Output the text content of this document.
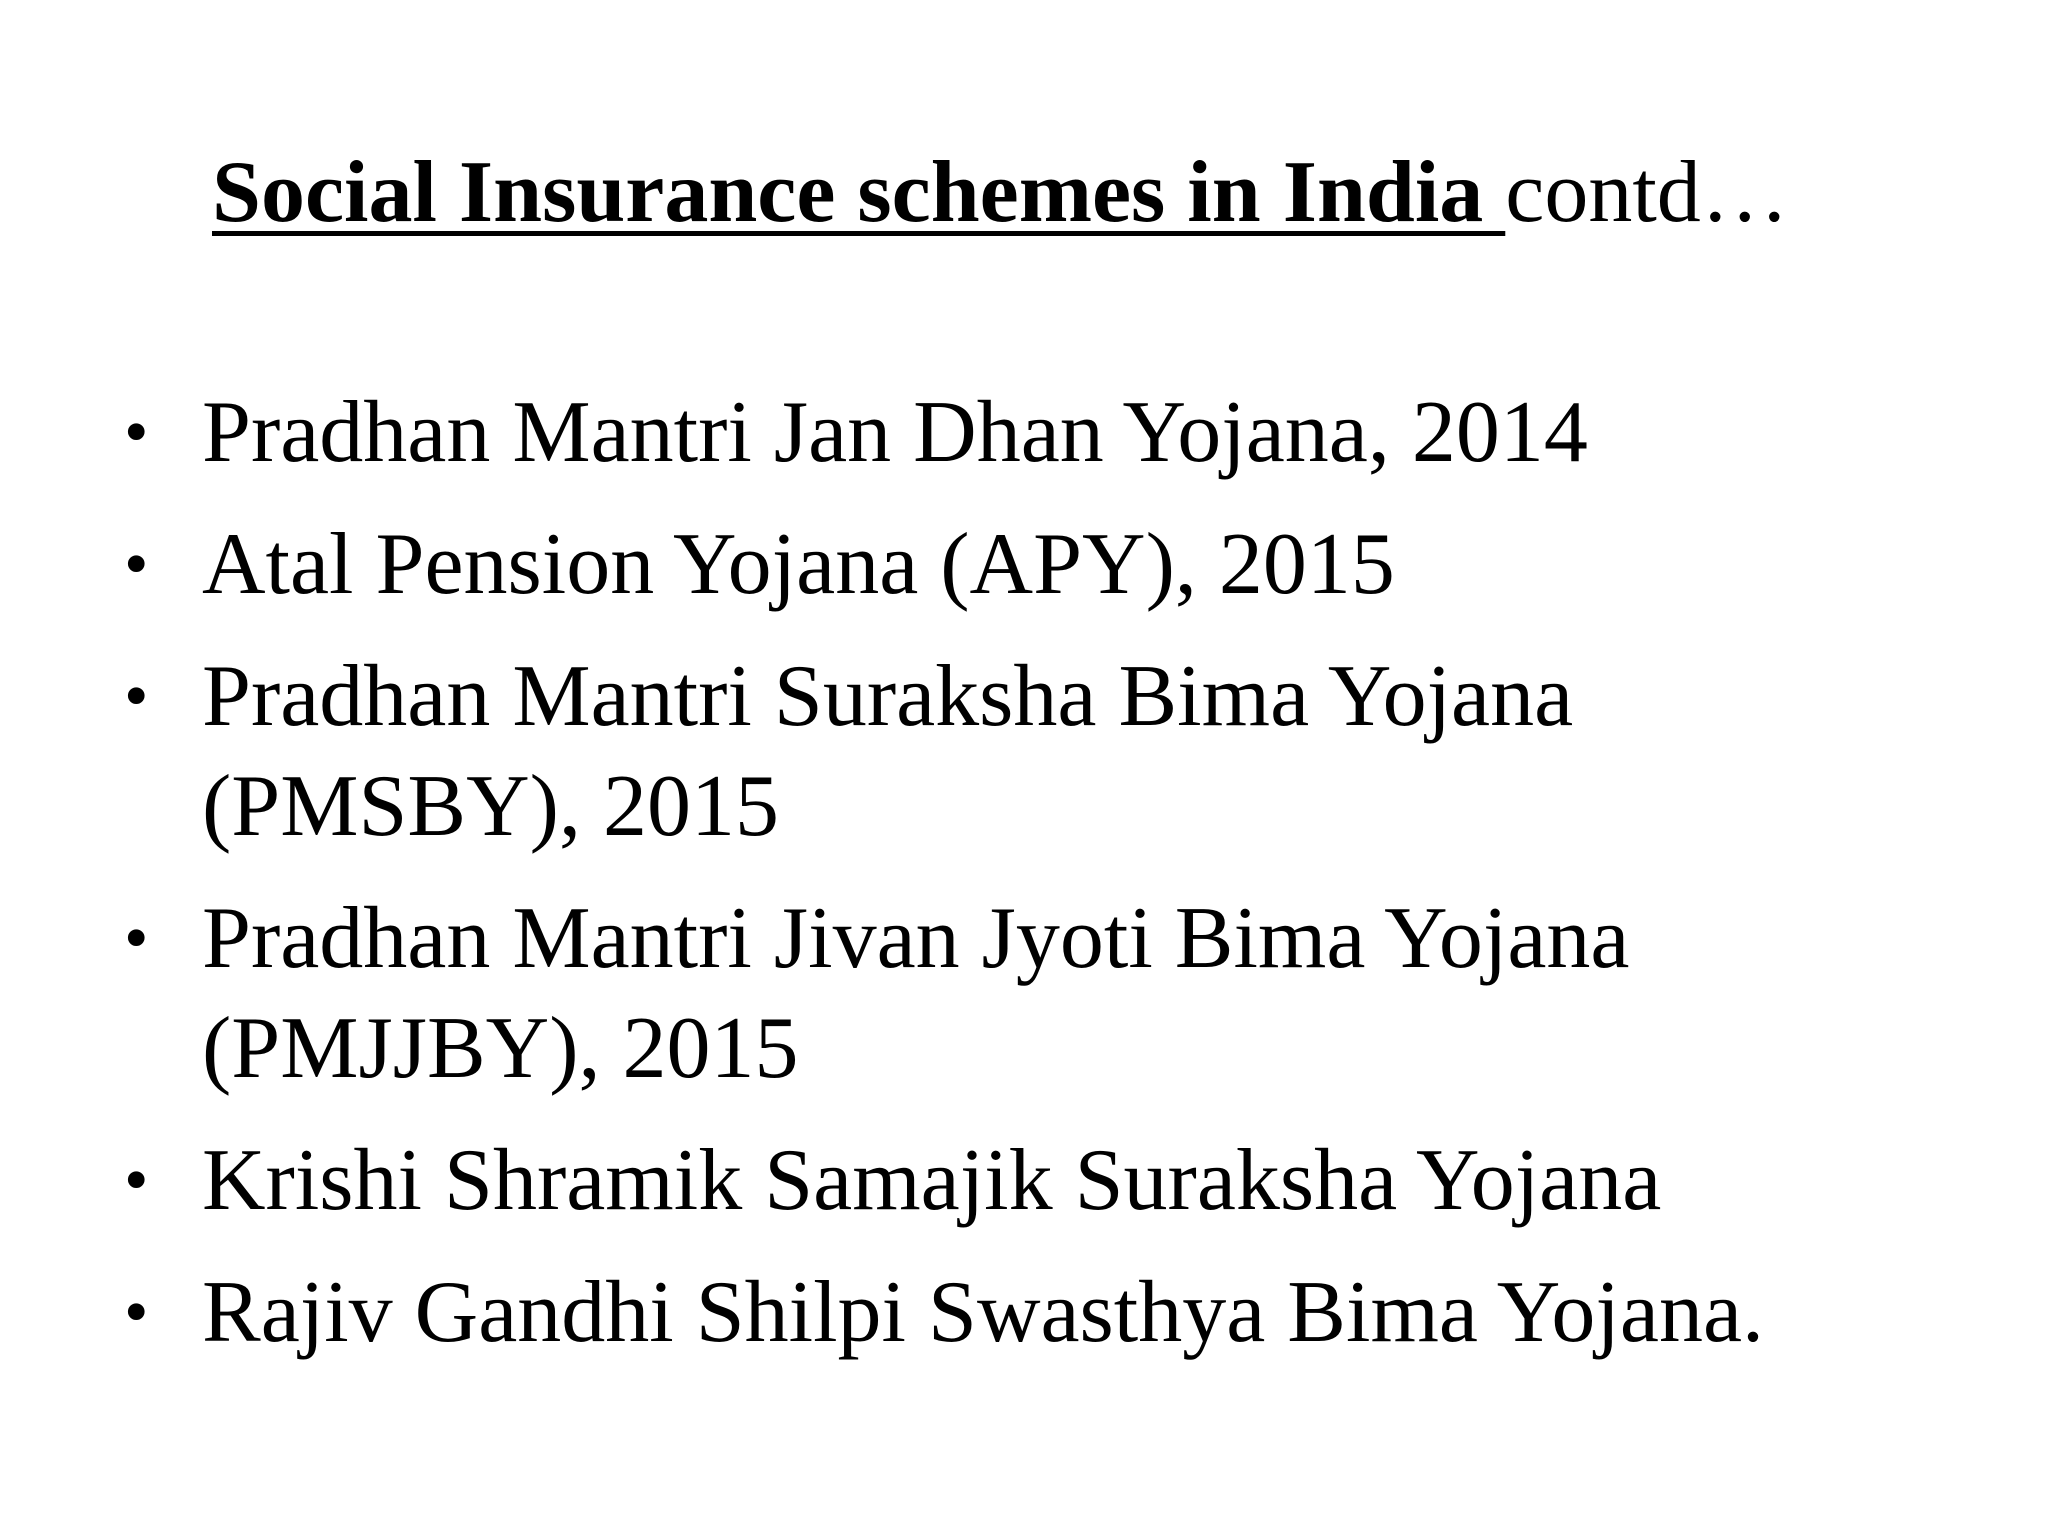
Social Insurance schemes in India contd…
• Pradhan Mantri Jan Dhan Yojana, 2014
• Atal Pension Yojana (APY), 2015
• Pradhan Mantri Suraksha Bima Yojana (PMSBY), 2015
• Pradhan Mantri Jivan Jyoti Bima Yojana (PMJJBY), 2015
• Krishi Shramik Samajik Suraksha Yojana
• Rajiv Gandhi Shilpi Swasthya Bima Yojana.
